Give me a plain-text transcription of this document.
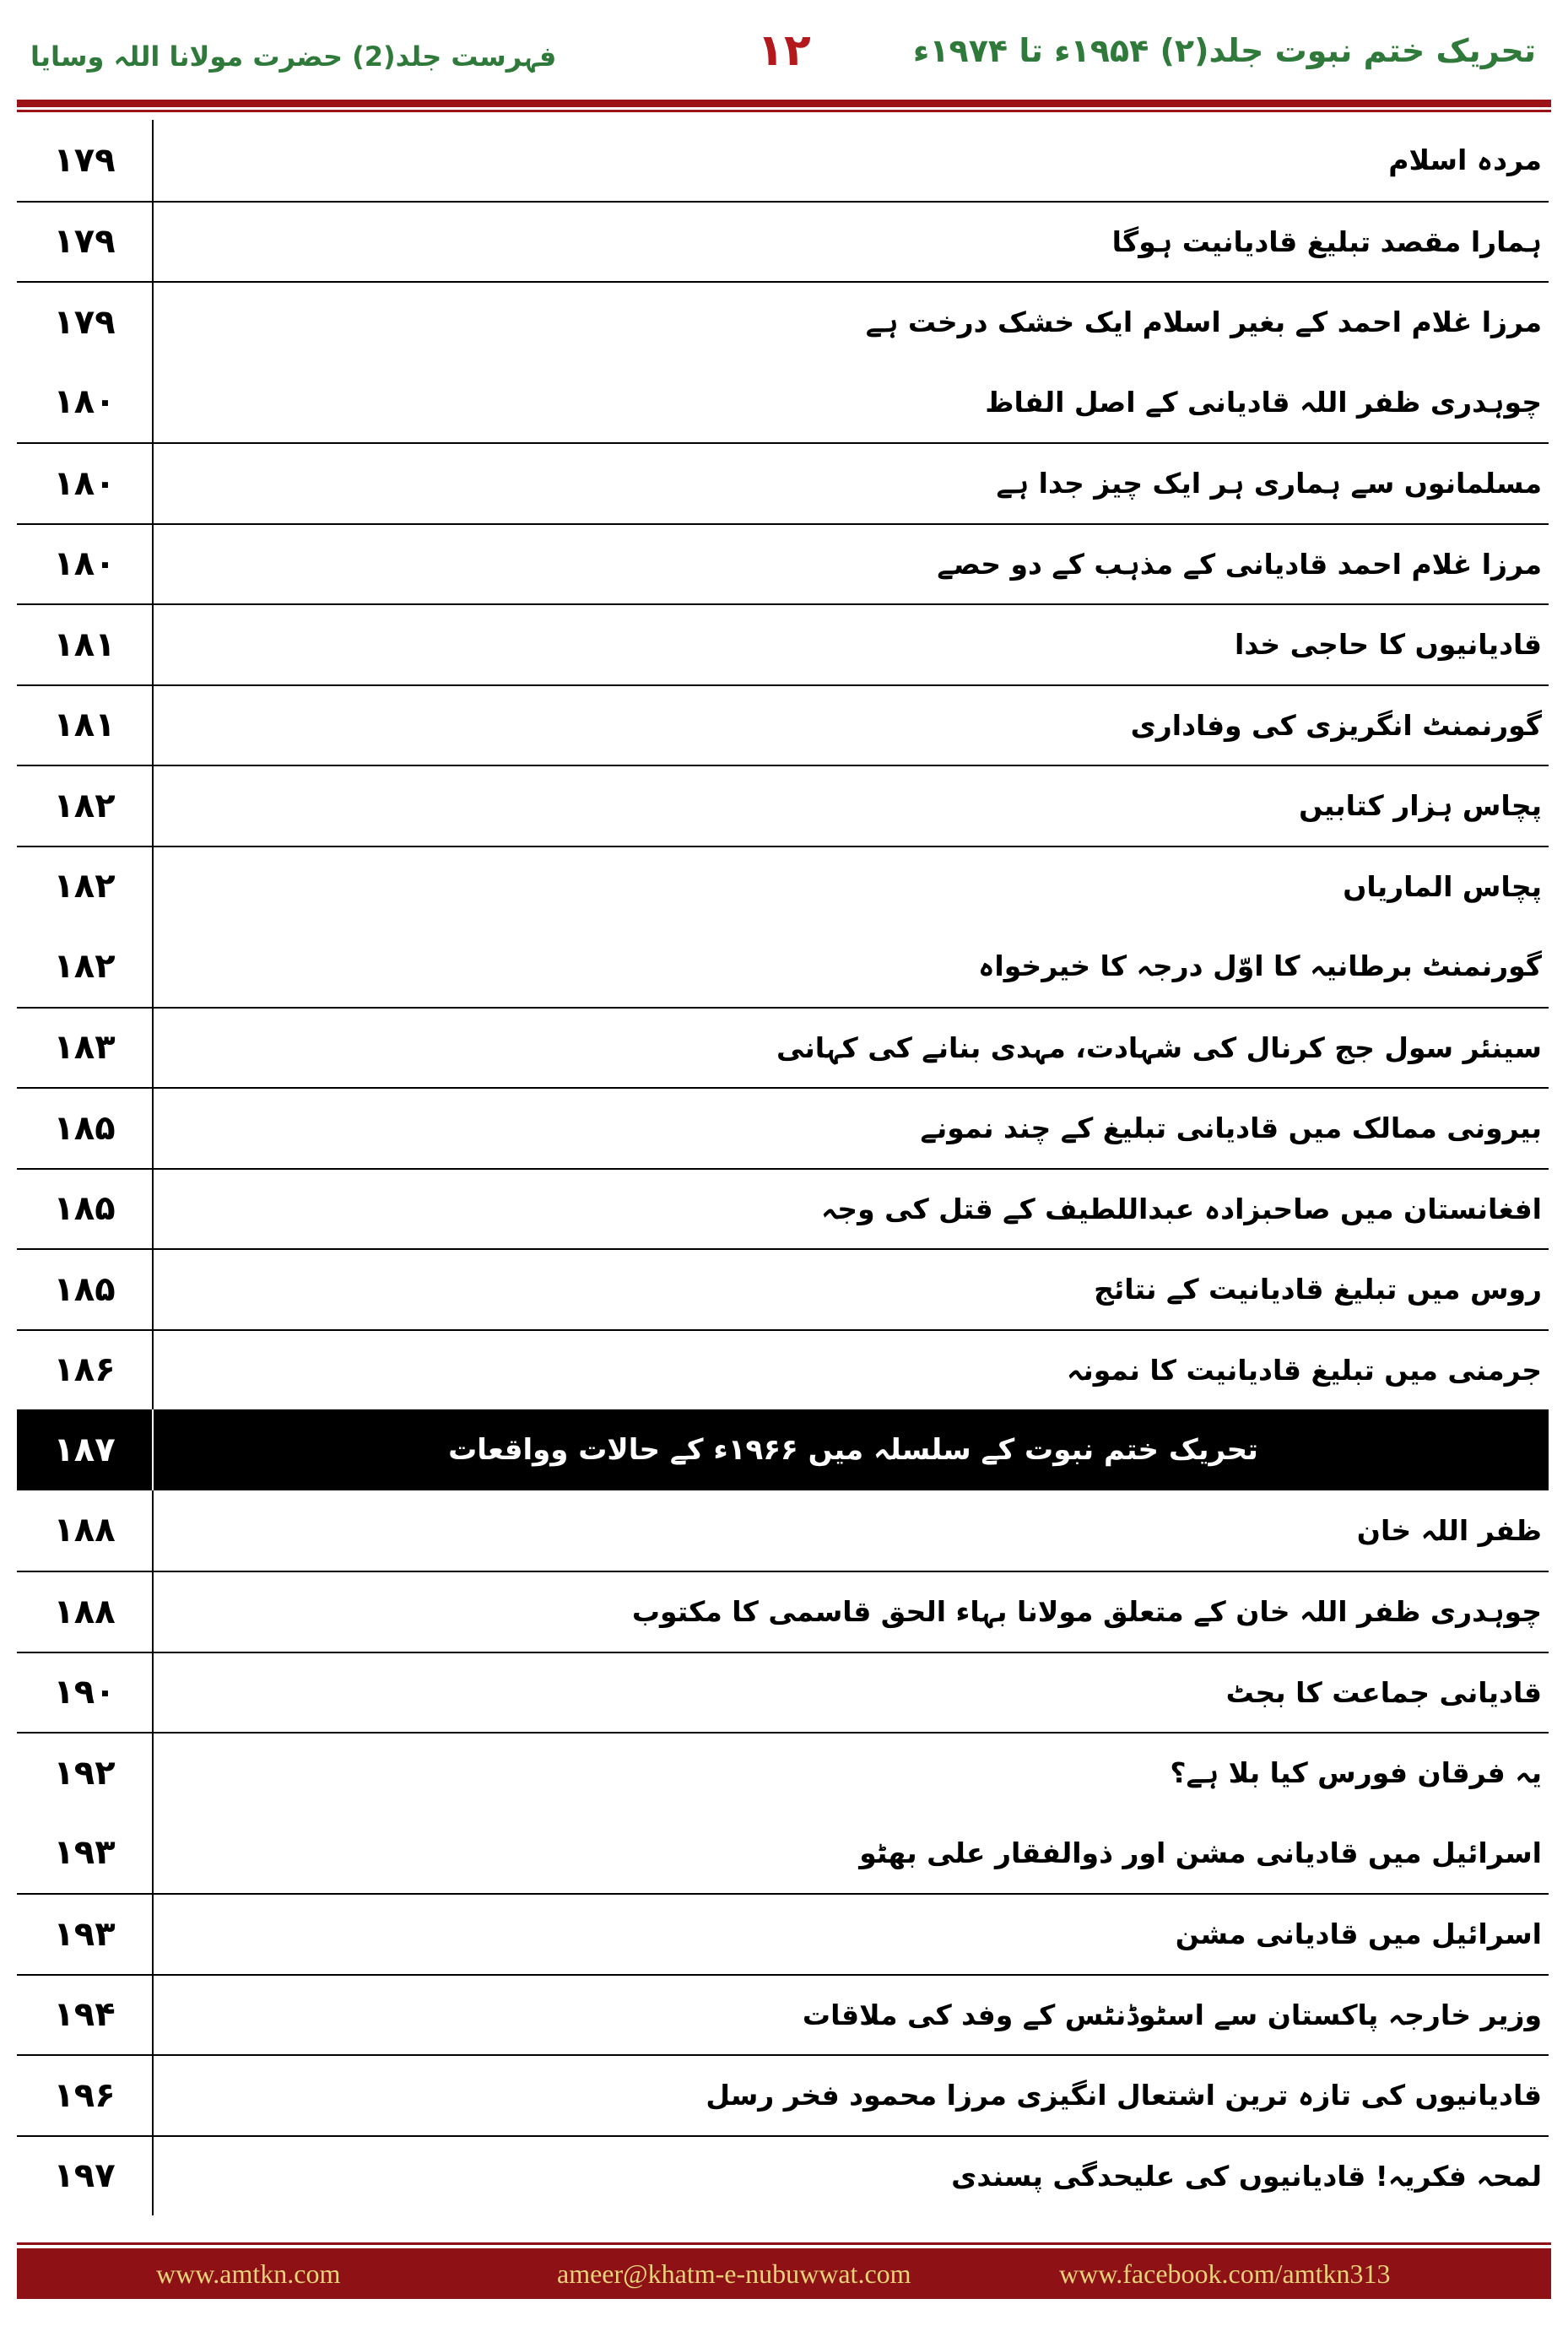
تحریک ختم نبوت جلد(۲) ۱۹۵۴ء تا ۱۹۷۴ء
۱۲
فہرست جلد(2) حضرت مولانا اللہ وسایا
۱۷۹	مردہ اسلام
۱۷۹	ہمارا مقصد تبلیغ قادیانیت ہوگا
۱۷۹	مرزا غلام احمد کے بغیر اسلام ایک خشک درخت ہے
۱۸۰	چوہدری ظفر اللہ قادیانی کے اصل الفاظ
۱۸۰	مسلمانوں سے ہماری ہر ایک چیز جدا ہے
۱۸۰	مرزا غلام احمد قادیانی کے مذہب کے دو حصے
۱۸۱	قادیانیوں کا حاجی خدا
۱۸۱	گورنمنٹ انگریزی کی وفاداری
۱۸۲	پچاس ہزار کتابیں
۱۸۲	پچاس الماریاں
۱۸۲	گورنمنٹ برطانیہ کا اوّل درجہ کا خیرخواہ
۱۸۳	سینئر سول جج کرنال کی شہادت، مہدی بنانے کی کہانی
۱۸۵	بیرونی ممالک میں قادیانی تبلیغ کے چند نمونے
۱۸۵	افغانستان میں صاحبزادہ عبداللطیف کے قتل کی وجہ
۱۸۵	روس میں تبلیغ قادیانیت کے نتائج
۱۸۶	جرمنی میں تبلیغ قادیانیت کا نمونہ
۱۸۷	تحریک ختم نبوت کے سلسلہ میں ۱۹۶۶ء کے حالات وواقعات
۱۸۸	ظفر اللہ خان
۱۸۸	چوہدری ظفر اللہ خان کے متعلق مولانا بہاء الحق قاسمی کا مکتوب
۱۹۰	قادیانی جماعت کا بجٹ
۱۹۲	یہ فرقان فورس کیا بلا ہے؟
۱۹۳	اسرائیل میں قادیانی مشن اور ذوالفقار علی بھٹو
۱۹۳	اسرائیل میں قادیانی مشن
۱۹۴	وزیر خارجہ پاکستان سے اسٹوڈنٹس کے وفد کی ملاقات
۱۹۶	قادیانیوں کی تازہ ترین اشتعال انگیزی مرزا محمود فخر رسل
۱۹۷	لمحہ فکریہ! قادیانیوں کی علیحدگی پسندی
www.amtkn.com	ameer@khatm-e-nubuwwat.com	www.facebook.com/amtkn313
